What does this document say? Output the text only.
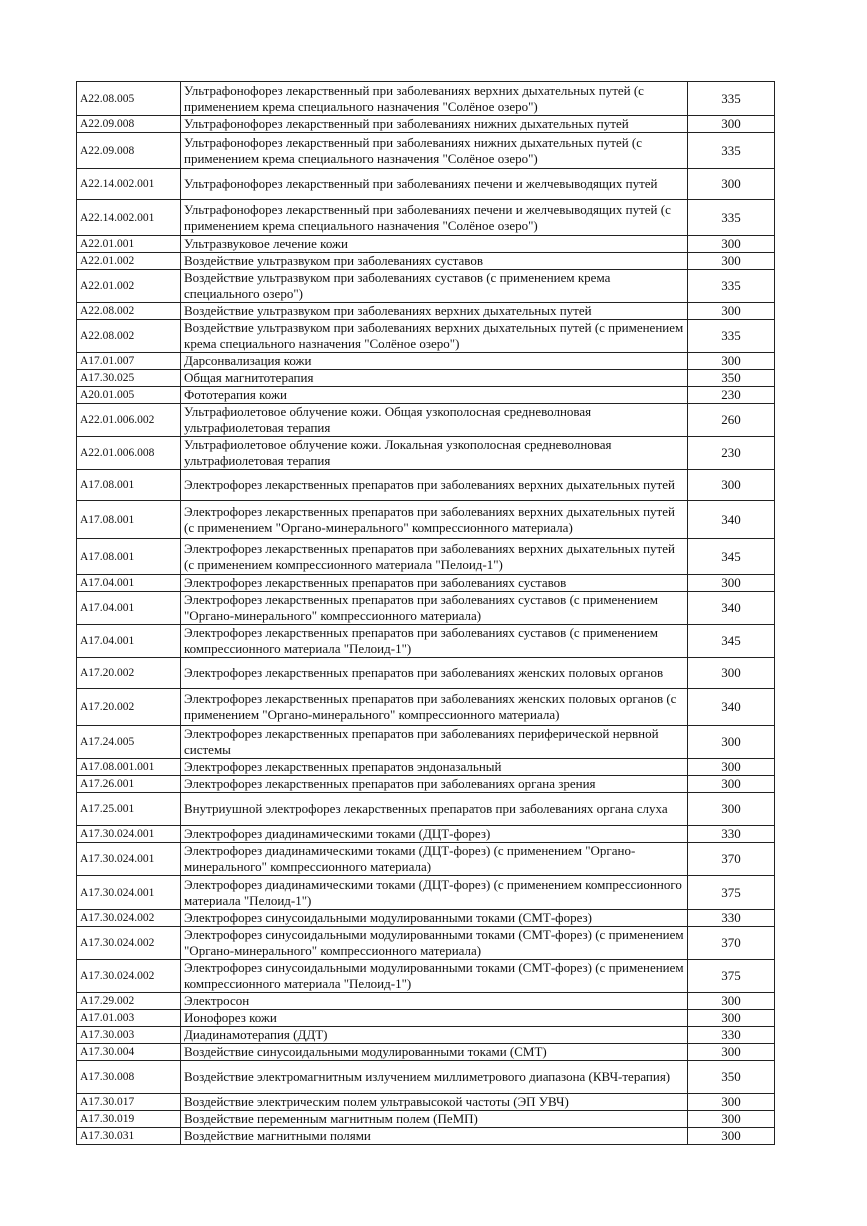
A22.08.005	Ультрафонофорез лекарственный при заболеваниях верхних дыхательных путей (с применением крема специального назначения "Солёное озеро")	335
A22.09.008	Ультрафонофорез лекарственный при заболеваниях нижних дыхательных путей	300
A22.09.008	Ультрафонофорез лекарственный при заболеваниях нижних дыхательных путей (с применением крема специального назначения "Солёное озеро")	335
A22.14.002.001	Ультрафонофорез лекарственный при заболеваниях печени и желчевыводящих путей	300
A22.14.002.001	Ультрафонофорез лекарственный при заболеваниях печени и желчевыводящих путей (с применением крема специального назначения "Солёное озеро")	335
A22.01.001	Ультразвуковое лечение кожи	300
A22.01.002	Воздействие ультразвуком при заболеваниях суставов	300
A22.01.002	Воздействие ультразвуком при заболеваниях суставов (с применением крема специального озеро")	335
A22.08.002	Воздействие ультразвуком при заболеваниях верхних дыхательных путей	300
A22.08.002	Воздействие ультразвуком при заболеваниях верхних дыхательных путей (с применением крема специального назначения "Солёное озеро")	335
A17.01.007	Дарсонвализация кожи	300
A17.30.025	Общая магнитотерапия	350
A20.01.005	Фототерапия кожи	230
A22.01.006.002	Ультрафиолетовое облучение кожи. Общая узкополосная средневолновая ультрафиолетовая терапия	260
A22.01.006.008	Ультрафиолетовое облучение кожи. Локальная узкополосная средневолновая ультрафиолетовая терапия	230
A17.08.001	Электрофорез лекарственных препаратов при заболеваниях верхних дыхательных путей	300
A17.08.001	Электрофорез лекарственных препаратов при заболеваниях верхних дыхательных путей (с применением "Органо-минерального" компрессионного материала)	340
A17.08.001	Электрофорез лекарственных препаратов при заболеваниях верхних дыхательных путей (с применением компрессионного материала "Пелоид-1")	345
A17.04.001	Электрофорез лекарственных препаратов при заболеваниях суставов	300
A17.04.001	Электрофорез лекарственных препаратов при заболеваниях суставов (с применением "Органо-минерального" компрессионного материала)	340
A17.04.001	Электрофорез лекарственных препаратов при заболеваниях суставов (с применением компрессионного материала "Пелоид-1")	345
A17.20.002	Электрофорез лекарственных препаратов при заболеваниях женских половых органов	300
A17.20.002	Электрофорез лекарственных препаратов при заболеваниях женских половых органов (с применением "Органо-минерального" компрессионного материала)	340
A17.24.005	Электрофорез лекарственных препаратов при заболеваниях периферической нервной системы	300
A17.08.001.001	Электрофорез лекарственных препаратов эндоназальный	300
A17.26.001	Электрофорез лекарственных препаратов при заболеваниях органа зрения	300
A17.25.001	Внутриушной электрофорез лекарственных препаратов при заболеваниях органа слуха	300
A17.30.024.001	Электрофорез диадинамическими токами (ДЦТ-форез)	330
A17.30.024.001	Электрофорез диадинамическими токами (ДЦТ-форез) (с применением "Органо-минерального" компрессионного материала)	370
A17.30.024.001	Электрофорез диадинамическими токами (ДЦТ-форез) (с применением компрессионного материала "Пелоид-1")	375
A17.30.024.002	Электрофорез синусоидальными модулированными токами (СМТ-форез)	330
A17.30.024.002	Электрофорез синусоидальными модулированными токами (СМТ-форез) (с применением "Органо-минерального" компрессионного материала)	370
A17.30.024.002	Электрофорез синусоидальными модулированными токами (СМТ-форез) (с применением компрессионного материала "Пелоид-1")	375
A17.29.002	Электросон	300
A17.01.003	Ионофорез кожи	300
A17.30.003	Диадинамотерапия (ДДТ)	330
A17.30.004	Воздействие синусоидальными модулированными токами (СМТ)	300
A17.30.008	Воздействие электромагнитным излучением миллиметрового диапазона (КВЧ-терапия)	350
A17.30.017	Воздействие электрическим полем ультравысокой частоты (ЭП УВЧ)	300
A17.30.019	Воздействие переменным магнитным полем (ПеМП)	300
A17.30.031	Воздействие магнитными полями	300
